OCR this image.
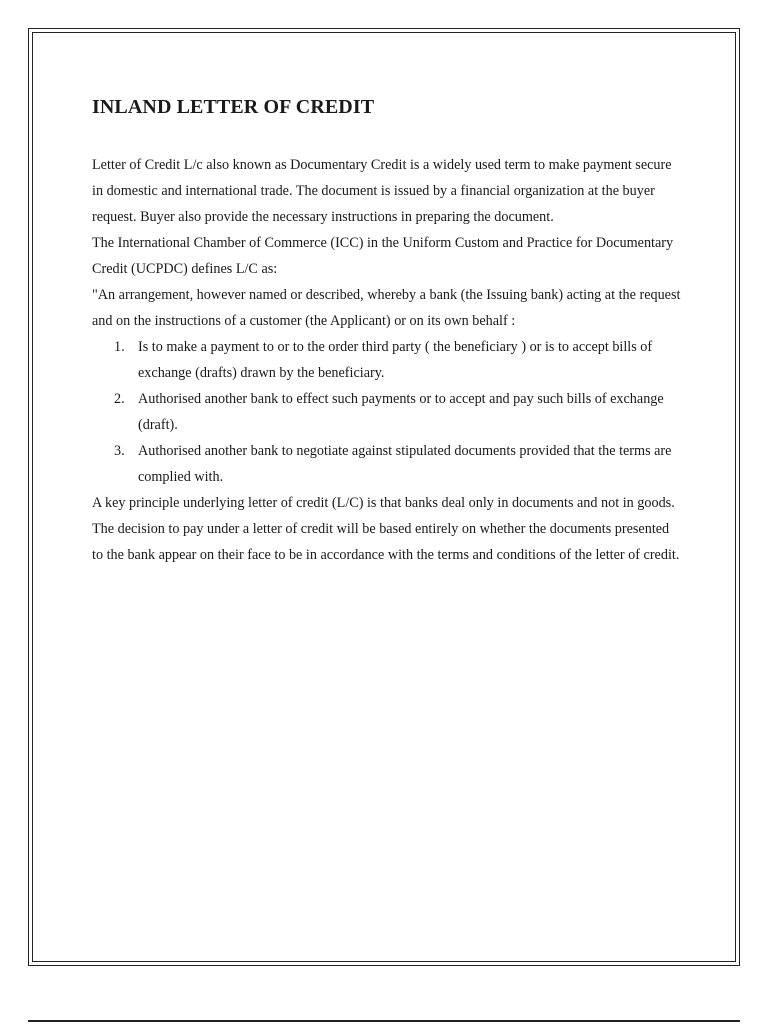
INLAND LETTER OF CREDIT

Letter of Credit L/c also known as Documentary Credit is a widely used term to make payment secure in domestic and international trade. The document is issued by a financial organization at the buyer request. Buyer also provide the necessary instructions in preparing the document.

The International Chamber of Commerce (ICC) in the Uniform Custom and Practice for Documentary Credit (UCPDC) defines L/C as:

"An arrangement, however named or described, whereby a bank (the Issuing bank) acting at the request and on the instructions of a customer (the Applicant) or on its own behalf :

1. Is to make a payment to or to the order third party ( the beneficiary ) or is to accept bills of exchange (drafts) drawn by the beneficiary.
2. Authorised another bank to effect such payments or to accept and pay such bills of exchange (draft).
3. Authorised another bank to negotiate against stipulated documents provided that the terms are complied with.

A key principle underlying letter of credit (L/C) is that banks deal only in documents and not in goods. The decision to pay under a letter of credit will be based entirely on whether the documents presented to the bank appear on their face to be in accordance with the terms and conditions of the letter of credit.
